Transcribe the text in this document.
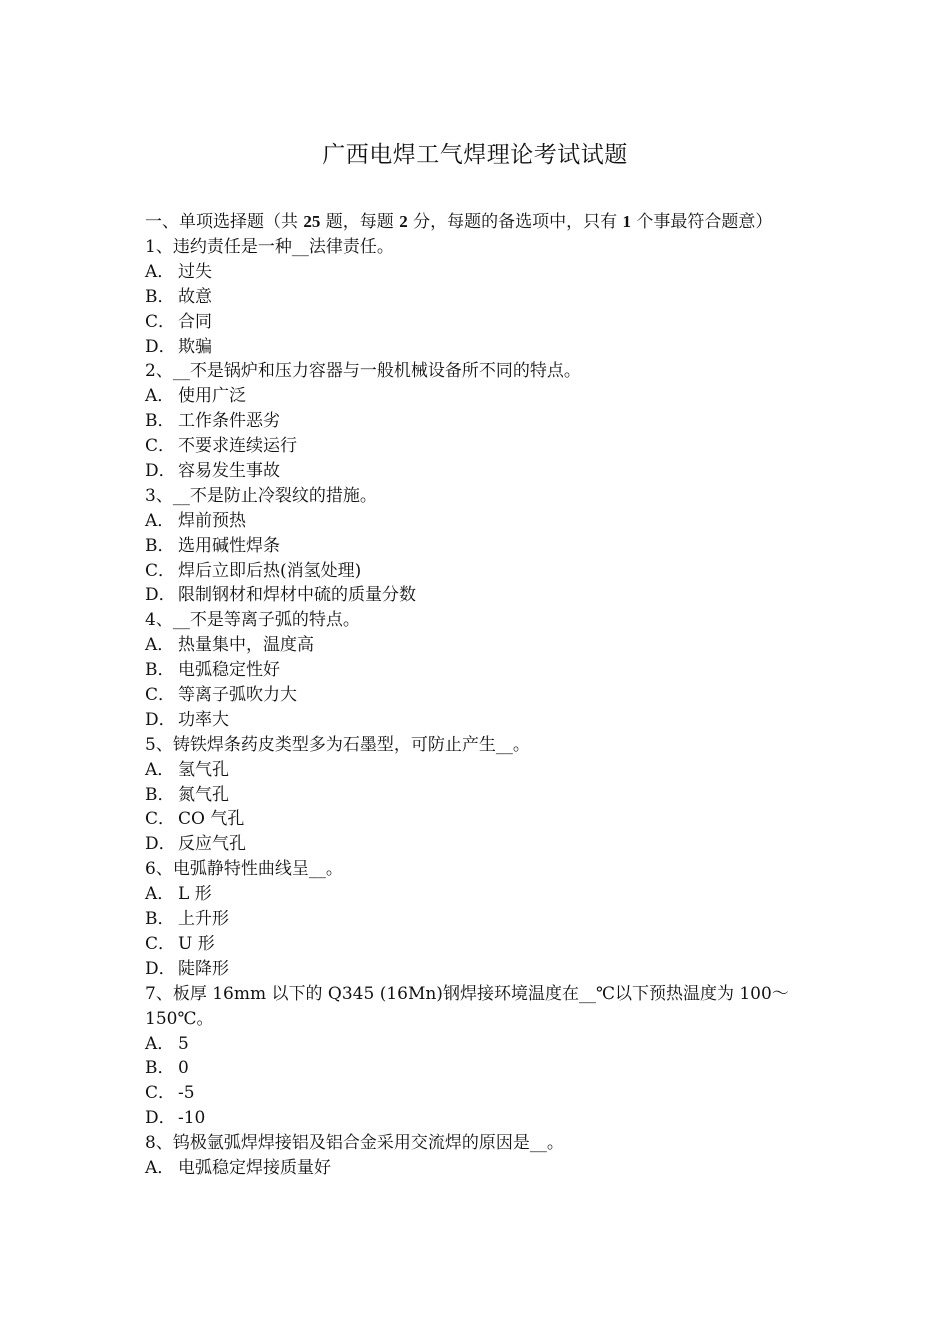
广西电焊工气焊理论考试试题
一、单项选择题（共 25 题，每题 2 分，每题的备选项中，只有 1 个事最符合题意）
1、违约责任是一种__法律责任。
A． 过失
B． 故意
C． 合同
D． 欺骗
2、__不是锅炉和压力容器与一般机械设备所不同的特点。
A． 使用广泛
B． 工作条件恶劣
C． 不要求连续运行
D． 容易发生事故
3、__不是防止冷裂纹的措施。
A． 焊前预热
B． 选用碱性焊条
C． 焊后立即后热(消氢处理)
D． 限制钢材和焊材中硫的质量分数
4、__不是等离子弧的特点。
A． 热量集中，温度高
B． 电弧稳定性好
C． 等离子弧吹力大
D． 功率大
5、铸铁焊条药皮类型多为石墨型，可防止产生__。
A． 氢气孔
B． 氮气孔
C． CO 气孔
D． 反应气孔
6、电弧静特性曲线呈__。
A． L 形
B． 上升形
C． U 形
D． 陡降形
7、板厚 16mm 以下的 Q345 (16Mn)钢焊接环境温度在__℃以下预热温度为 100～150℃。
A． 5
B． 0
C． -5
D． -10
8、钨极氩弧焊焊接铝及铝合金采用交流焊的原因是__。
A． 电弧稳定焊接质量好
